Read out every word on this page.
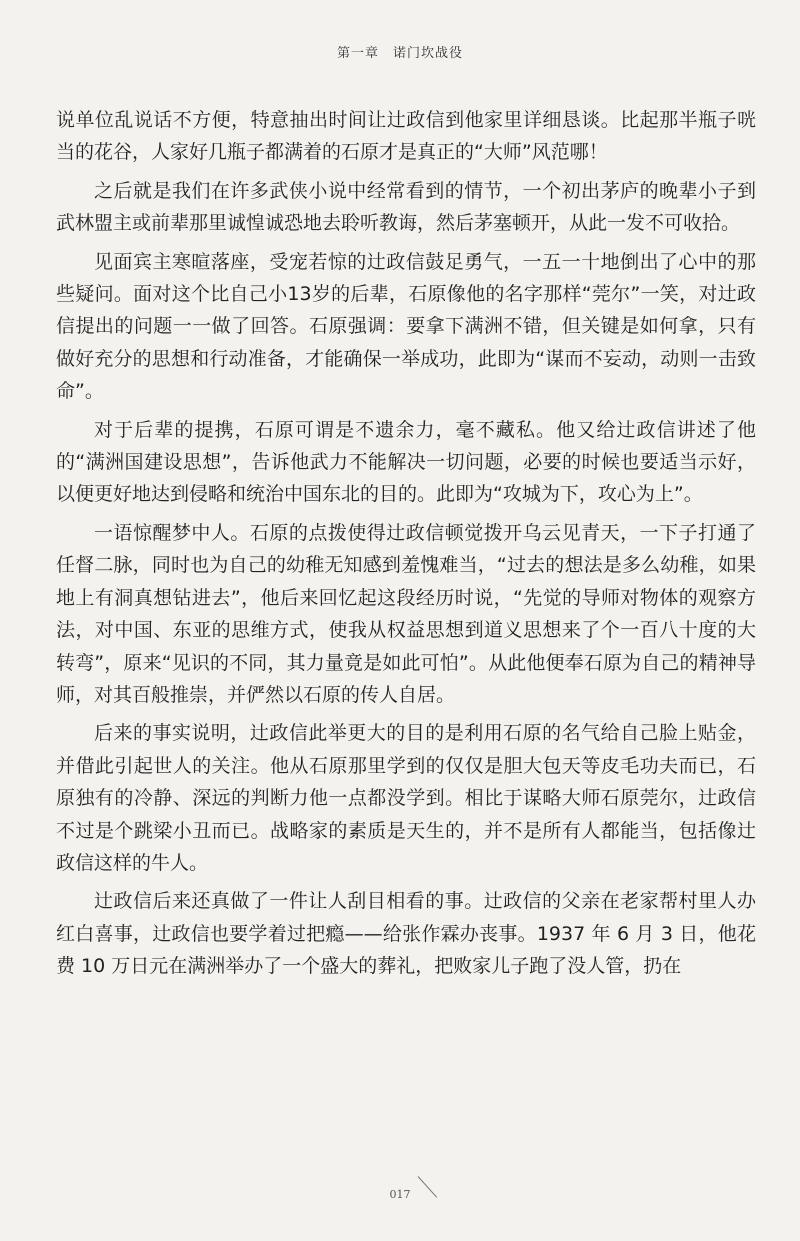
第一章　诺门坎战役

说单位乱说话不方便，特意抽出时间让辻政信到他家里详细恳谈。比起那半瓶子咣当的花谷，人家好几瓶子都满着的石原才是真正的“大师”风范哪！

之后就是我们在许多武侠小说中经常看到的情节，一个初出茅庐的晚辈小子到武林盟主或前辈那里诚惶诚恐地去聆听教诲，然后茅塞顿开，从此一发不可收拾。

见面宾主寒暄落座，受宠若惊的辻政信鼓足勇气，一五一十地倒出了心中的那些疑问。面对这个比自己小13岁的后辈，石原像他的名字那样“莞尔”一笑，对辻政信提出的问题一一做了回答。石原强调：要拿下满洲不错，但关键是如何拿，只有做好充分的思想和行动准备，才能确保一举成功，此即为“谋而不妄动，动则一击致命”。

对于后辈的提携，石原可谓是不遗余力，毫不藏私。他又给辻政信讲述了他的“满洲国建设思想”，告诉他武力不能解决一切问题，必要的时候也要适当示好，以便更好地达到侵略和统治中国东北的目的。此即为“攻城为下，攻心为上”。

一语惊醒梦中人。石原的点拨使得辻政信顿觉拨开乌云见青天，一下子打通了任督二脉，同时也为自己的幼稚无知感到羞愧难当，“过去的想法是多么幼稚，如果地上有洞真想钻进去”，他后来回忆起这段经历时说，“先觉的导师对物体的观察方法，对中国、东亚的思维方式，使我从权益思想到道义思想来了个一百八十度的大转弯”，原来“见识的不同，其力量竟是如此可怕”。从此他便奉石原为自己的精神导师，对其百般推崇，并俨然以石原的传人自居。

后来的事实说明，辻政信此举更大的目的是利用石原的名气给自己脸上贴金，并借此引起世人的关注。他从石原那里学到的仅仅是胆大包天等皮毛功夫而已，石原独有的冷静、深远的判断力他一点都没学到。相比于谋略大师石原莞尔，辻政信不过是个跳梁小丑而已。战略家的素质是天生的，并不是所有人都能当，包括像辻政信这样的牛人。

辻政信后来还真做了一件让人刮目相看的事。辻政信的父亲在老家帮村里人办红白喜事，辻政信也要学着过把瘾——给张作霖办丧事。1937 年 6 月 3 日，他花费 10 万日元在满洲举办了一个盛大的葬礼，把败家儿子跑了没人管，扔在

017
